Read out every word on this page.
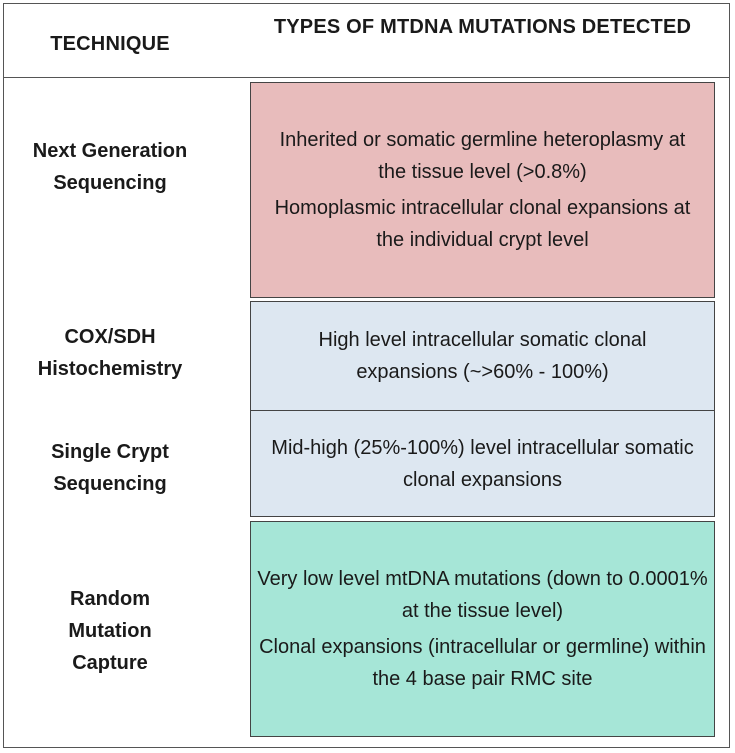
TECHNIQUE
TYPES OF MTDNA MUTATIONS DETECTED
Next Generation Sequencing

Inherited or somatic germline heteroplasmy at the tissue level (>0.8%)

Homoplasmic intracellular clonal expansions at the individual crypt level

COX/SDH Histochemistry

High level intracellular somatic clonal expansions (~>60% - 100%)

Single Crypt Sequencing

Mid-high (25%-100%) level intracellular somatic clonal expansions

Random Mutation Capture

Very low level mtDNA mutations (down to 0.0001% at the tissue level)

Clonal expansions (intracellular or germline) within the 4 base pair RMC site
